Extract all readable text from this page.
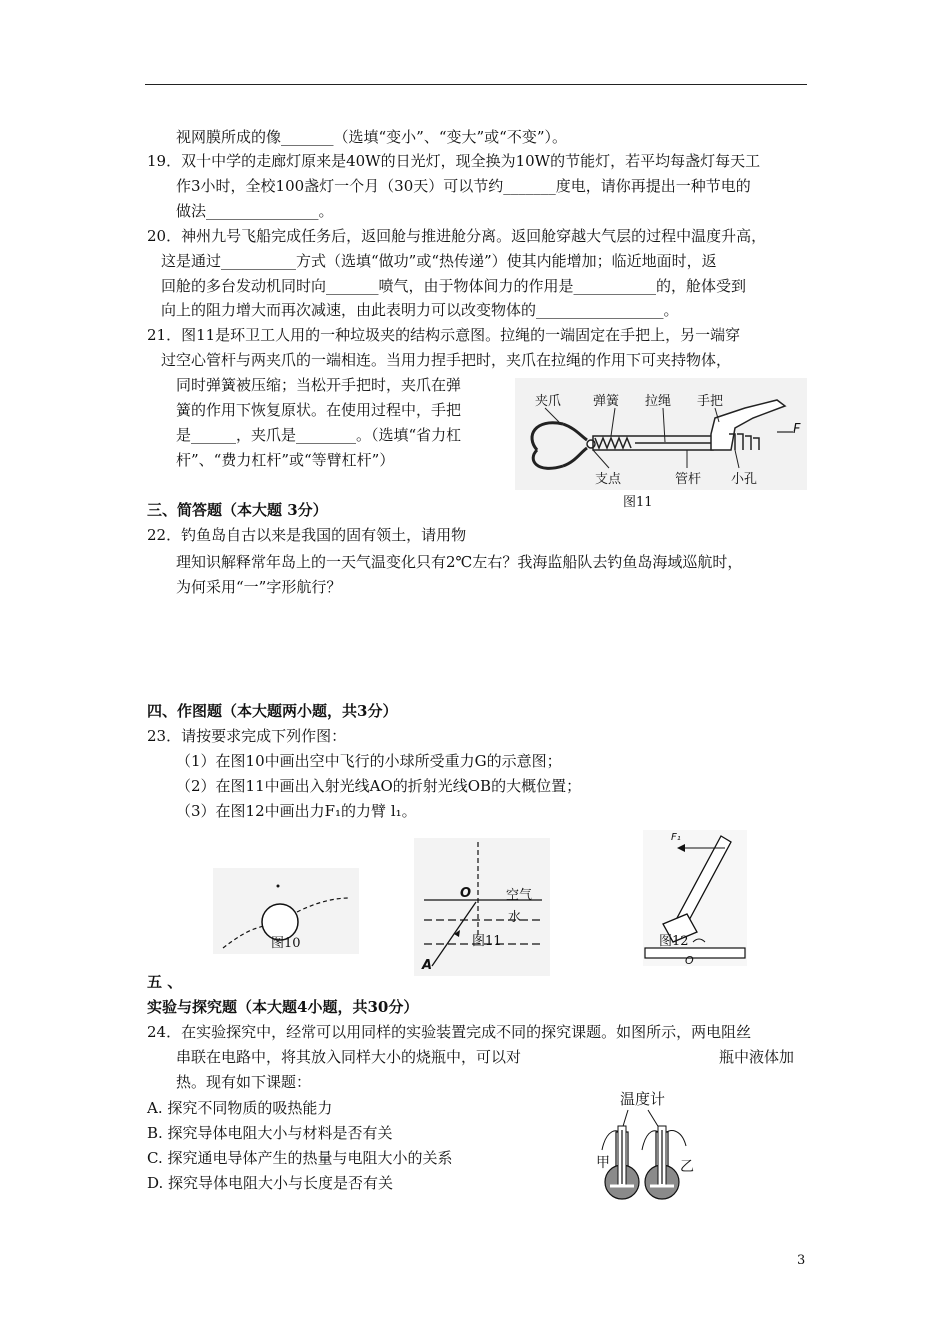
视网膜所成的像_______（选填“变小”、“变大”或“不变”）。
19．双十中学的走廊灯原来是40W的日光灯，现全换为10W的节能灯，若平均每盏灯每天工
作3小时，全校100盏灯一个月（30天）可以节约_______度电，请你再提出一种节电的
做法_______________。
20．神州九号飞船完成任务后，返回舱与推进舱分离。返回舱穿越大气层的过程中温度升高，
这是通过__________方式（选填“做功”或“热传递”）使其内能增加；临近地面时，返
回舱的多台发动机同时向_______喷气，由于物体间力的作用是___________的，舱体受到
向上的阻力增大而再次减速，由此表明力可以改变物体的_________________。
21．图11是环卫工人用的一种垃圾夹的结构示意图。拉绳的一端固定在手把上，另一端穿
过空心管杆与两夹爪的一端相连。当用力捏手把时，夹爪在拉绳的作用下可夹持物体，
同时弹簧被压缩；当松开手把时，夹爪在弹
簧的作用下恢复原状。在使用过程中，手把
是______，夹爪是________。（选填“省力杠
杆”、“费力杠杆”或“等臂杠杆”）
夹爪 弹簧 拉绳 手把
F
支点	管杆 小孔
图11
三、简答题（本大题 3分）
22．钓鱼岛自古以来是我国的固有领土，请用物
理知识解释常年岛上的一天气温变化只有2℃左右？我海监船队去钓鱼岛海域巡航时，
为何采用“一”字形航行？
四、作图题（本大题两小题，共3分）
23．请按要求完成下列作图：
（1）在图10中画出空中飞行的小球所受重力G的示意图；
（2）在图11中画出入射光线AO的折射光线OB的大概位置；
（3）在图12中画出力F₁的力臂 l₁。
图10
O	空气
水
图11
A
F₁
图12
O
五 、
实验与探究题（本大题4小题，共30分）
24．在实验探究中，经常可以用同样的实验装置完成不同的探究课题。如图所示，两电阻丝
串联在电路中，将其放入同样大小的烧瓶中，可以对	瓶中液体加
热。现有如下课题：
A. 探究不同物质的吸热能力
B. 探究导体电阻大小与材料是否有关
C. 探究通电导体产生的热量与电阻大小的关系
D. 探究导体电阻大小与长度是否有关
温度计
甲	乙
3
